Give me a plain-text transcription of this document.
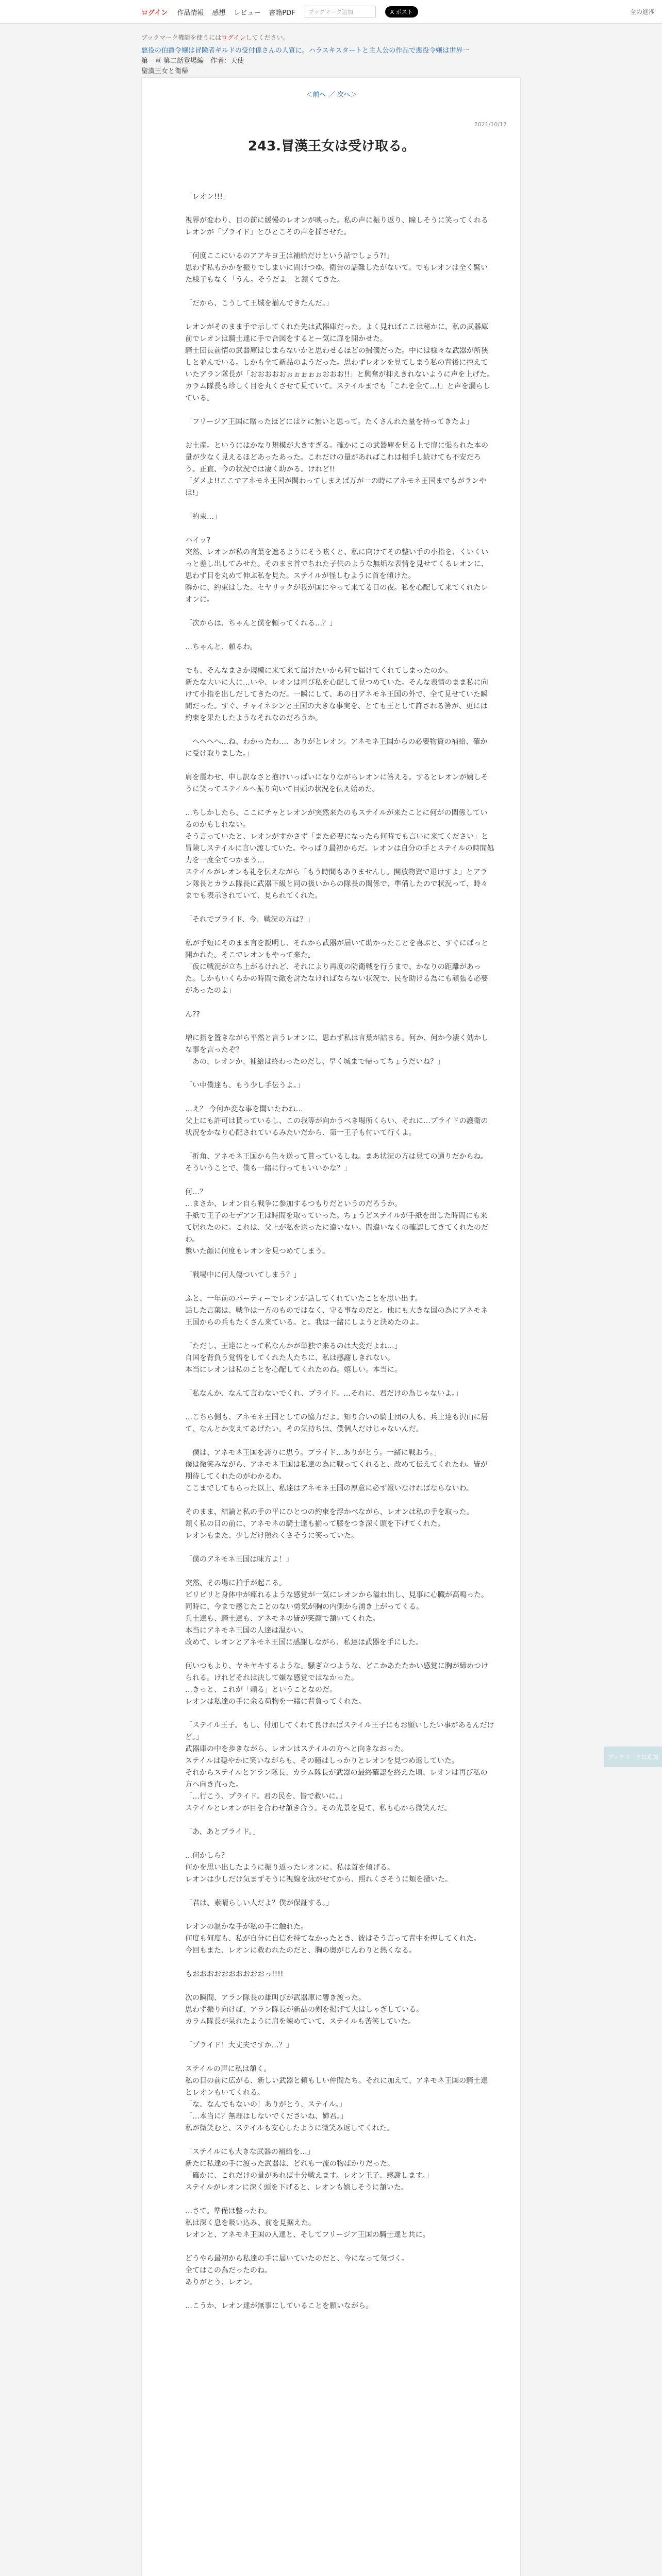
ログイン 作品情報 感想 レビュー 書籍PDF	ブックマーク追加	X ポスト	全の進捗
ブックマーク機能を使うにはログインしてください。
悪役の伯爵令嬢は冒険者ギルドの受付係さんの人質に。ハラスキスタートと主人公の作品で悪役令嬢は世界一
第一章 第二話登場編　 作者：天使
聖漢王女と衛帰
＜前へ ／ 次へ＞
2021/10/17
243.冒漢王女は受け取る。

「レオン!!!」

視界が変わり、目の前に緩慢のレオンが映った。私の声に振り返り、瞳しそうに笑ってくれるレオンが「プライド」とひとこその声を揺させた。

「何度ここにいるのアアキヨ王は補給だけという話でしょう?!」
思わず私もかかを振りでしまいに問けつゆ。衛告の話難したがないて。でもレオンは全く驚いた様子もなく「うん。そうだよ」と頷くてきた。

「だから、こうして王城を揃んできたんだ。」

レオンがそのまま手で示してくれた先は武器庫だった。よく見ればここは秘かに、私の武器庫前でレオンは騎士達に手で合図をするとー気に扉を開かせた。
騎士団長前情の武器庫はじまらないかと思わせるほどの掃儀だった。中には様々な武器が所狭しと並んでいる。しかも全て新品のようだった。思わずレオンを見てしまう私の背後に控えていたアラン隊長が「おおおおおぉぉぉぉぉおおお!!」と興奮が抑えきれないように声を上げた。カラム隊長も珍しく目を丸くさせて見ていて。ステイルまでも「これを全て…!」と声を漏らしている。

「フリージア王国に贈ったほどにはケに無いと思って。たくさんれた量を持ってきたよ」

お土産。というにはかなり規模が大きすぎる。確かにこの武器庫を見る上で扉に張られた本の量が少なく見えるほどあったあった。これだけの量があればこれは相手し続けても不安だろう。正直、今の状況では凄く助かる。けれど!!
「ダメよ!!ここでアネモネ王国が関わってしまえば万が一の時にアネモネ王国までもがランやは!」

「約束…」

ハイッ?
突然、レオンが私の言葉を遮るようにそう呟くと、私に向けてその整い手の小指を、くいくいっと差し出してみせた。そのまま首でちれた子供のような無垢な表情を見せてくるレオンに、思わず目を丸めて伸ぶ私を見た。ステイルが怪しむように首を傾けた。
瞬かに、約束はした。セヤリックが我が国にやって来てる日の夜。私を心配して来てくれたレオンに。

「次からは、ちゃんと僕を頼ってくれる…？」

…ちゃんと、頼るわ。

でも、そんなまさか規模に来て来て届けたいから何で届けてくれてしまったのか。
新たな大いに人に…いや、レオンは再び私を心配して見つめていた。そんな表情のまま私に向けて小指を出しだしてきたのだ。一瞬にして、あの日アネモネ王国の外で、全て見せていた瞬間だった。すぐ、チャイネシンと王国の大きな事実を、とても王として許される筈が、更には約束を果たしたようなそれなのだろうか。

「へへへへ…ね、わかったわ…、ありがとレオン。アネモネ王国からの必要物資の補給、確かに受け取りました。」

肩を震わせ、申し訳なさと抱けいっぱいになりながらレオンに答える。するとレオンが嬉しそうに笑ってステイルへ振り向いて目頭の状況を伝え始めた。

…ちしかしたら、ここにチャとレオンが突然来たのもステイルが来たことに何がの関係しているのかもしれない。
そう言っていたと、レオンがすかさず「また必要になったら何時でも言いに来てください」と冒険しステイルに言い渡していた。やっぱり最初からだ。レオンは自分の手とステイルの時間処力を一度全てつかまう…
ステイルがレオンも礼を伝えながら「もう時間もありませんし。開放物資で退けすよ」とアラン隊長とカラム隊長に武器下級と同の扱いからの隊長の関係で、準備したので状況って、時々までも表示されていて、見られてくれた。

「それでプライド、今、戦況の方は？」

私が手短にそのまま言を説明し、それから武器が届いて助かったことを喜ぶと、すぐにぱっと開かれた。そこでレオンもやって来た。
「仮に戦況が立ち上がるけれど、それにより再度の防衛戦を行うまで、かなりの距離があった。しかもいくらかの時間で敵を討たなければならない状況で、民を助ける為にも頑張る必要があったのよ」

ん??

増に指を置きながら平然と言うレオンに、思わず私は言葉が詰まる。何か、何か今凄く効かしな事を言ったぞ？
「あの、レオンか、補給は終わったのだし、早く城まで帰ってちょうだいね？」

「い中僕達も、もう少し手伝うよ。」

…え？ 今何か変な事を聞いたわね…
父上にも許可は貰っているし、この我等が向かうべき場所くらい、それに…プライドの護衛の状況をかなり心配されているみたいだから、第一王子も付いて行くよ。

「折角、アネモネ王国から色々送って貰っているしね。まあ状況の方は見ての通りだからね。そういうことで、僕も一緒に行ってもいいかな？」

何…？
…まさか、レオン自ら戦争に参加するつもりだというのだろうか。
手紙で王子のセデアン王は時間を取っていった。ちょうどステイルが手紙を出した時間にも来て居れたのに。これは、父上が私を送ったに違いない。間違いなくの確認してきてくれたのだわ。
驚いた顔に何度もレオンを見つめてしまう。

「戦場中に何人傷ついてしまう？」

ふと、一年前のパーティーでレオンが話してくれていたことを思い出す。
話した言葉は、戦争は一方のものではなく、守る事なのだと。他にも大きな国の為にアネモネ王国からの兵もたくさん来ている。と。我は一緒にしようと決めたのよ。

「ただし、王達にとって私なんかが単独で来るのは大変だよね…」
自国を背負う覚悟をしてくれた人たちに、私は感謝しきれない。
本当にレオンは私のことを心配してくれたのね。嬉しい。本当に。

「私なんか、なんて言わないでくれ、プライド。…それに、君だけの為じゃないよ。」

…こちら側も、アネモネ王国としての協力だよ。知り合いの騎士団の人も、兵士達も沢山に居て、なんとか支えてあげたい。その気持ちは、僕個人だけじゃないんだ。

「僕は、アネモネ王国を誇りに思う。プライド…ありがとう。一緒に戦おう。」
僕は微笑みながら、アネモネ王国は私達の為に戦ってくれると、改めて伝えてくれたわ。皆が期待してくれたのがわかるわ。
ここまでしてもらった以上、私達はアネモネ王国の厚意に必ず報いなければならないわ。

そのまま、結論と私の手の平にひとつの約束を浮かべながら、レオンは私の手を取った。
頷く私の目の前に、アネモネの騎士達も揃って膝をつき深く頭を下げてくれた。
レオンもまた、少しだけ照れくさそうに笑っていた。

「僕のアネモネ王国は味方よ！」

突然、その場に拍手が起こる。
ビリビリと身体中が痺れるような感覚が一気にレオンから溢れ出し、見事に心臓が高鳴った。同時に、今まで感じたことのない勇気が胸の内側から湧き上がってくる。
兵士達も、騎士達も、アネモネの皆が笑顔で頷いてくれた。
本当にアネモネ王国の人達は温かい。
改めて、レオンとアネモネ王国に感謝しながら、私達は武器を手にした。

何いつもより、ヤキヤキするような。騒ぎ立つような、どこかあたたかい感覚に胸が締めつけられる。けれどそれは決して嫌な感覚ではなかった。
…きっと、これが「頼る」ということなのだ。
レオンは私達の手に余る荷物を一緒に背負ってくれた。

「ステイル王子。もし、付加してくれて良ければステイル王子にもお願いしたい事があるんだけど。」
武器庫の中を歩きながら、レオンはステイルの方へと向きなおった。
ステイルは穏やかに笑いながらも、その瞳はしっかりとレオンを見つめ返していた。
それからステイルとアラン隊長、カラム隊長が武器の最終確認を終えた頃、レオンは再び私の方へ向き直った。
「…行こう、プライド。君の民を、皆で救いに。」
ステイルとレオンが目を合わせ頷き合う。その光景を見て、私も心から微笑んだ。

「あ、あとプライド。」

…何かしら？
何かを思い出したように振り返ったレオンに、私は首を傾げる。
レオンは少しだけ気まずそうに視線を泳がせてから、照れくさそうに頬を掻いた。

「君は、素晴らしい人だよ？僕が保証する。」

レオンの温かな手が私の手に触れた。
何度も何度も、私が自分に自信を持てなかったとき、彼はそう言って背中を押してくれた。
今回もまた、レオンに救われたのだと、胸の奥がじんわりと熱くなる。

もおおおおおおおおおおっ!!!!

次の瞬間、アラン隊長の雄叫びが武器庫に響き渡った。
思わず振り向けば、アラン隊長が新品の剣を掲げて大はしゃぎしている。
カラム隊長が呆れたように肩を竦めていて、ステイルも苦笑していた。

「プライド！大丈夫ですか…？」

ステイルの声に私は頷く。
私の目の前に広がる、新しい武器と頼もしい仲間たち。それに加えて、アネモネ王国の騎士達とレオンもいてくれる。
「な、なんでもないの！ありがとう、ステイル。」
「…本当に？無理はしないでくださいね、姉君。」
私が微笑むと、ステイルも安心したように微笑み返してくれた。

「ステイルにも大きな武器の補給を…」
新たに私達の手に渡った武器は、どれも一流の物ばかりだった。
「確かに、これだけの量があれば十分戦えます。レオン王子、感謝します。」
ステイルがレオンに深く頭を下げると、レオンも嬉しそうに頷いた。

…さて。準備は整ったわ。
私は深く息を吸い込み、前を見据えた。
レオンと、アネモネ王国の人達と、そしてフリージア王国の騎士達と共に。

どうやら最初から私達の手に届いていたのだと、今になって気づく。
全てはこの為だったのね。
ありがとう、レオン。

…こうか、レオン達が無事にしていることを願いながら。

ブックマークに追加
